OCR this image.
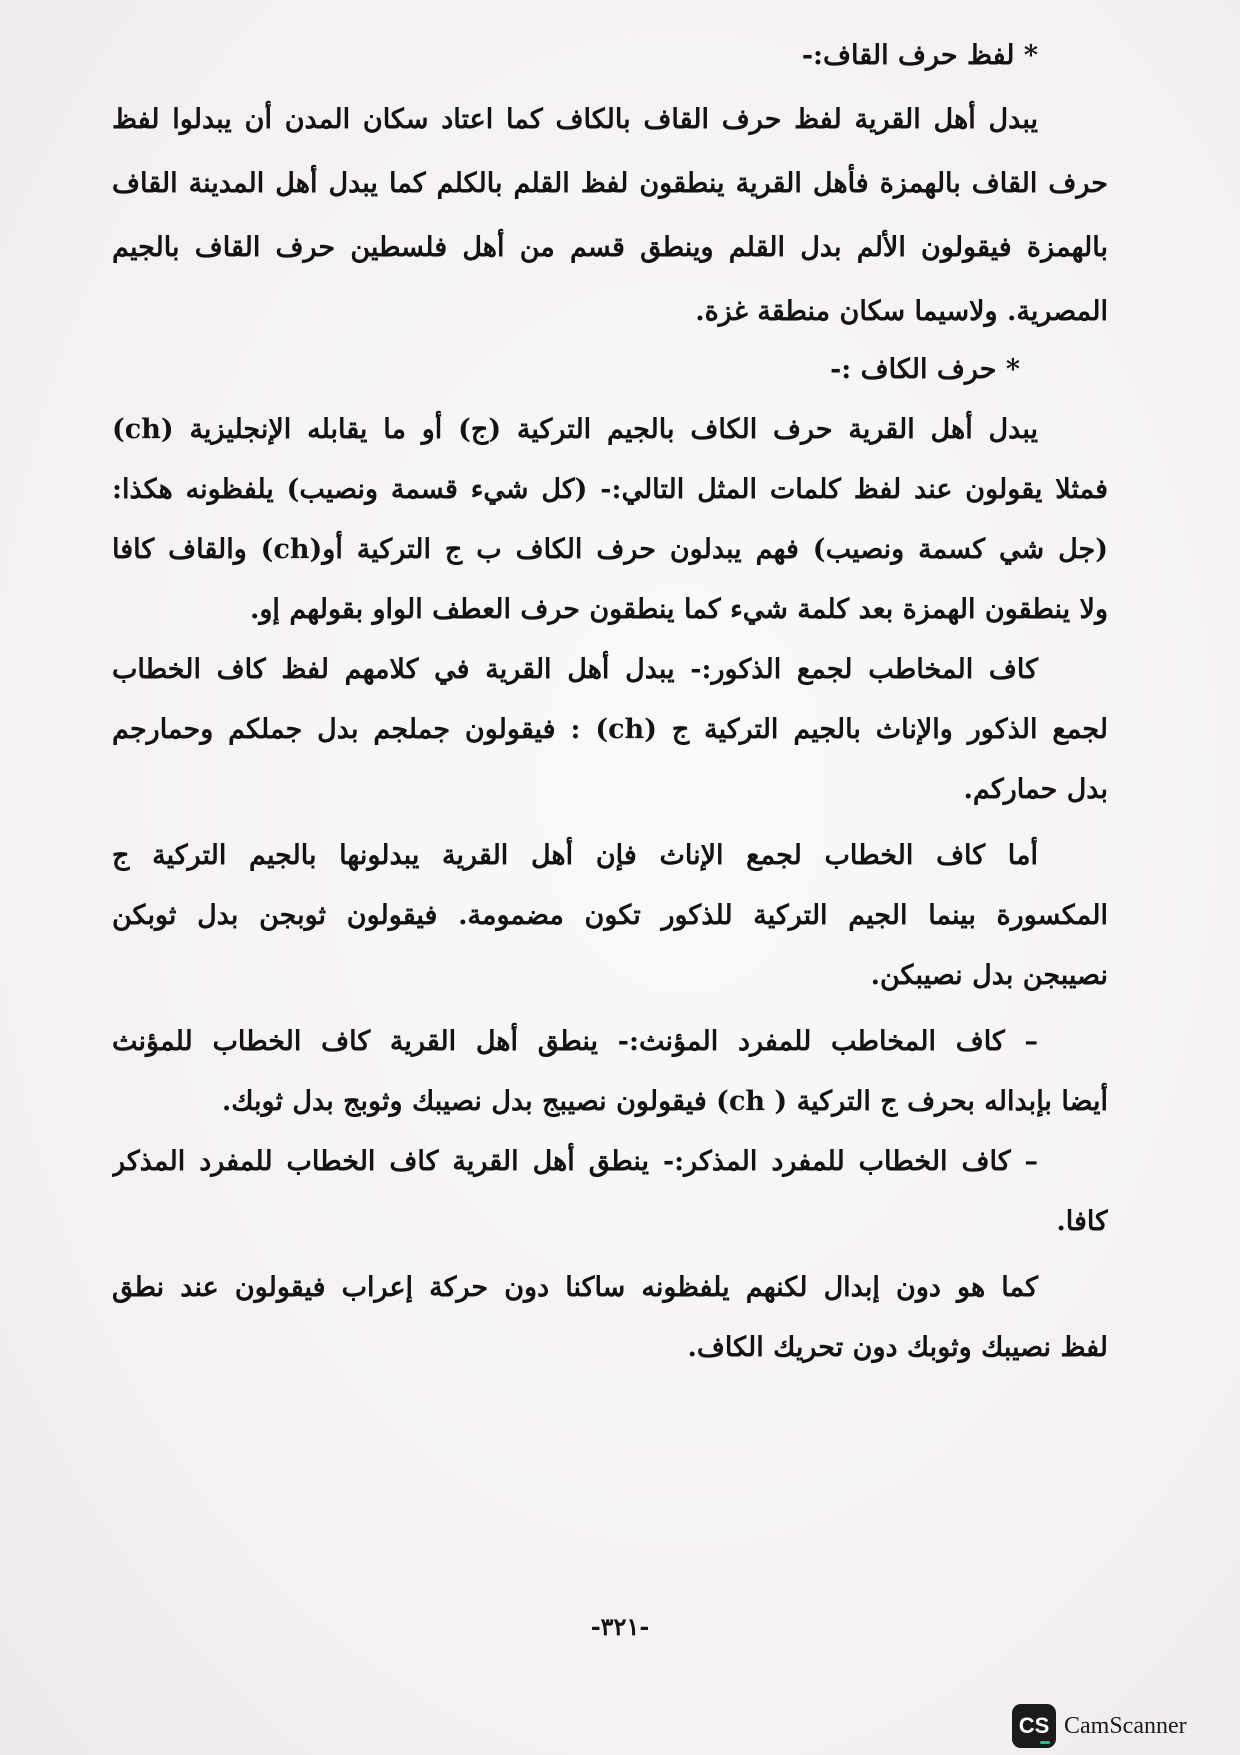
* لفظ حرف القاف:-
يبدل أهل القرية لفظ حرف القاف بالكاف كما اعتاد سكان المدن أن يبدلوا لفظ
حرف القاف بالهمزة فأهل القرية ينطقون لفظ القلم بالكلم كما يبدل أهل المدينة القاف
بالهمزة فيقولون الألم بدل القلم وينطق قسم من أهل فلسطين حرف القاف بالجيم
المصرية. ولاسيما سكان منطقة غزة.
* حرف الكاف :-
يبدل أهل القرية حرف الكاف بالجيم التركية (ج) أو ما يقابله الإنجليزية (ch)
فمثلا يقولون عند لفظ كلمات المثل التالي:- (كل شيء قسمة ونصيب) يلفظونه هكذا:
(جل شي كسمة ونصيب) فهم يبدلون حرف الكاف ب ج التركية أو(ch) والقاف كافا
ولا ينطقون الهمزة بعد كلمة شيء كما ينطقون حرف العطف الواو بقولهم إو.
كاف المخاطب لجمع الذكور:- يبدل أهل القرية في كلامهم لفظ كاف الخطاب
لجمع الذكور والإناث بالجيم التركية ج (ch) : فيقولون جملجم بدل جملكم وحمارجم
بدل حماركم.
أما كاف الخطاب لجمع الإناث فإن أهل القرية يبدلونها بالجيم التركية ج
المكسورة بينما الجيم التركية للذكور تكون مضمومة. فيقولون ثوبجن بدل ثوبكن
نصيبجن بدل نصيبكن.
– كاف المخاطب للمفرد المؤنث:- ينطق أهل القرية كاف الخطاب للمؤنث
أيضا بإبداله بحرف ج التركية ( ch) فيقولون نصيبج بدل نصيبك وثوبج بدل ثوبك.
– كاف الخطاب للمفرد المذكر:- ينطق أهل القرية كاف الخطاب للمفرد المذكر
كافا.
كما هو دون إبدال لكنهم يلفظونه ساكنا دون حركة إعراب فيقولون عند نطق
لفظ نصيبك وثوبك دون تحريك الكاف.
-٣٢١-
CS CamScanner
